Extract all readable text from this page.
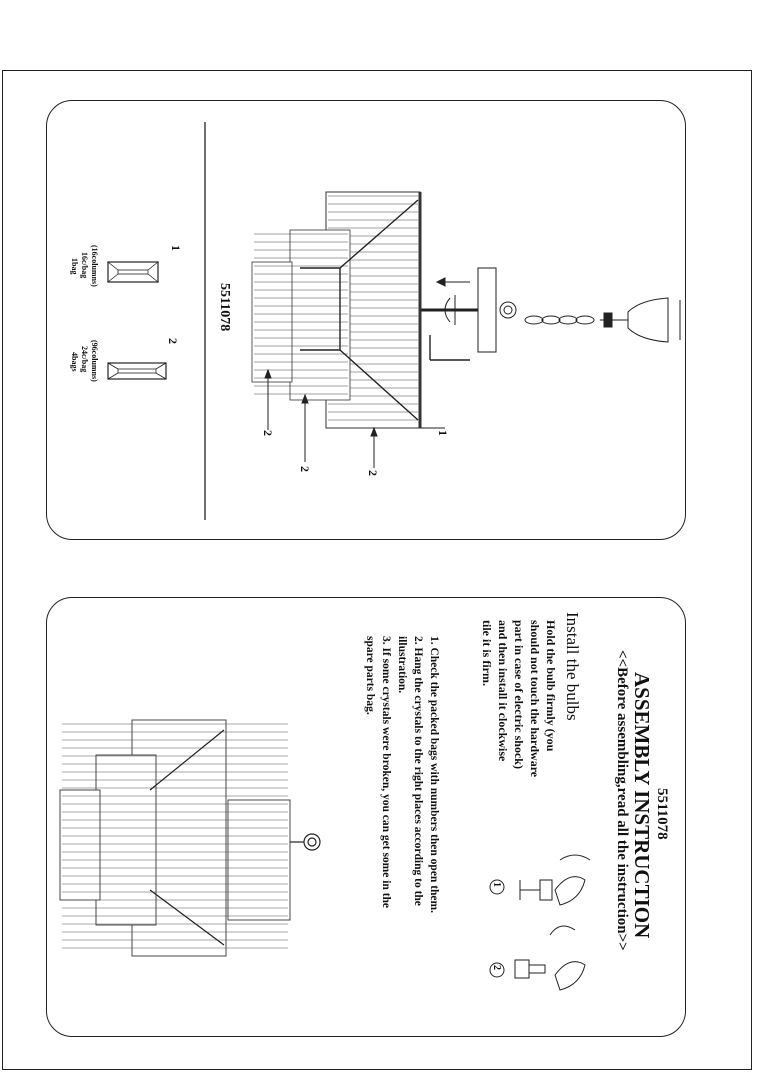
5511078
1
(16columns)
16c/bag
1bag
2
(96columns)
24c/bag
4bags
1
2
2
2
5511078
ASSEMBLY INSTRUCTION
<<Before assembling,read all the instruction>>
Install the bulbs
Hold the bulb firmly (you
should not touch the hardware
part in case of electric shock)
and then install it clockwise
tile it is firm.
1
2
1. Check the packed bags with numbers then open them.
2. Hang the crystals to the right places according to the
illustration.
3. If some crystals were broken, you can get some in the
spare parts bag.
